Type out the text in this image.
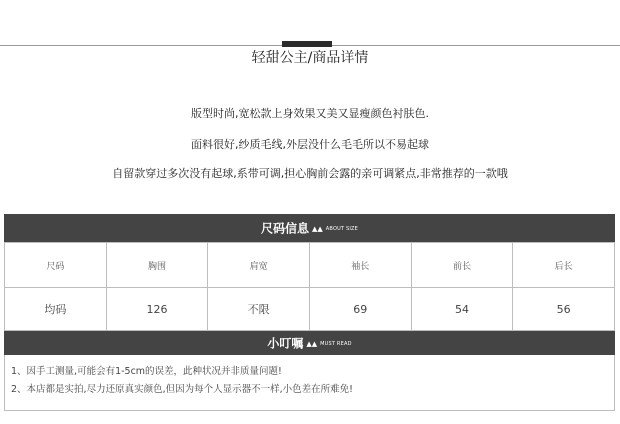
轻甜公主/商品详情
版型时尚,宽松款上身效果又美又显瘦颜色衬肤色.
面料很好,纱质毛线,外层没什么毛毛所以不易起球
自留款穿过多次没有起球,系带可调,担心胸前会露的亲可调紧点,非常推荐的一款哦
尺码信息 ▲▲ ABOUT SIZE
尺码	胸围	肩宽	袖长	前长	后长
均码	126	不限	69	54	56
小叮嘱 ▲▲ MUST READ
1、因手工测量,可能会有1-5cm的误差，此种状况并非质量问题!
2、本店都是实拍,尽力还原真实颜色,但因为每个人显示器不一样,小色差在所难免!
